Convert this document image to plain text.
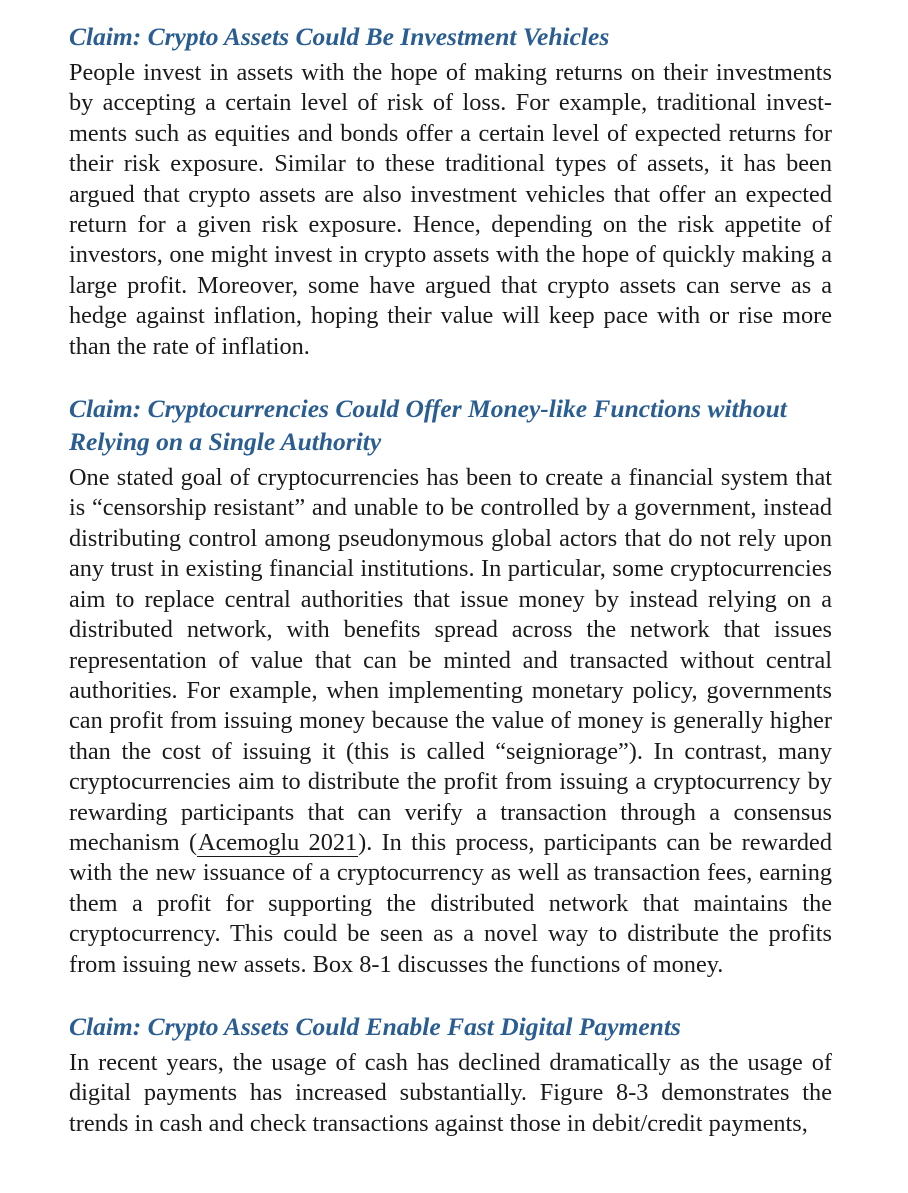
Claim: Crypto Assets Could Be Investment Vehicles

People invest in assets with the hope of making returns on their investments by accepting a certain level of risk of loss. For example, traditional investments such as equities and bonds offer a certain level of expected returns for their risk exposure. Similar to these traditional types of assets, it has been argued that crypto assets are also investment vehicles that offer an expected return for a given risk exposure. Hence, depending on the risk appetite of investors, one might invest in crypto assets with the hope of quickly making a large profit. Moreover, some have argued that crypto assets can serve as a hedge against inflation, hoping their value will keep pace with or rise more than the rate of inflation.

Claim: Cryptocurrencies Could Offer Money-like Functions without
Relying on a Single Authority

One stated goal of cryptocurrencies has been to create a financial system that is “censorship resistant” and unable to be controlled by a government, instead distributing control among pseudonymous global actors that do not rely upon any trust in existing financial institutions. In particular, some cryptocurrencies aim to replace central authorities that issue money by instead relying on a distributed network, with benefits spread across the network that issues representation of value that can be minted and transacted without central authorities. For example, when implementing monetary policy, governments can profit from issuing money because the value of money is generally higher than the cost of issuing it (this is called “seigniorage”). In contrast, many cryptocurrencies aim to distribute the profit from issuing a cryptocurrency by rewarding participants that can verify a transaction through a consensus mechanism (Acemoglu 2021). In this process, participants can be rewarded with the new issuance of a cryptocurrency as well as transaction fees, earning them a profit for supporting the distributed network that maintains the cryptocurrency. This could be seen as a novel way to distribute the profits from issuing new assets. Box 8-1 discusses the functions of money.

Claim: Crypto Assets Could Enable Fast Digital Payments

In recent years, the usage of cash has declined dramatically as the usage of digital payments has increased substantially. Figure 8-3 demonstrates the trends in cash and check transactions against those in debit/credit payments,
